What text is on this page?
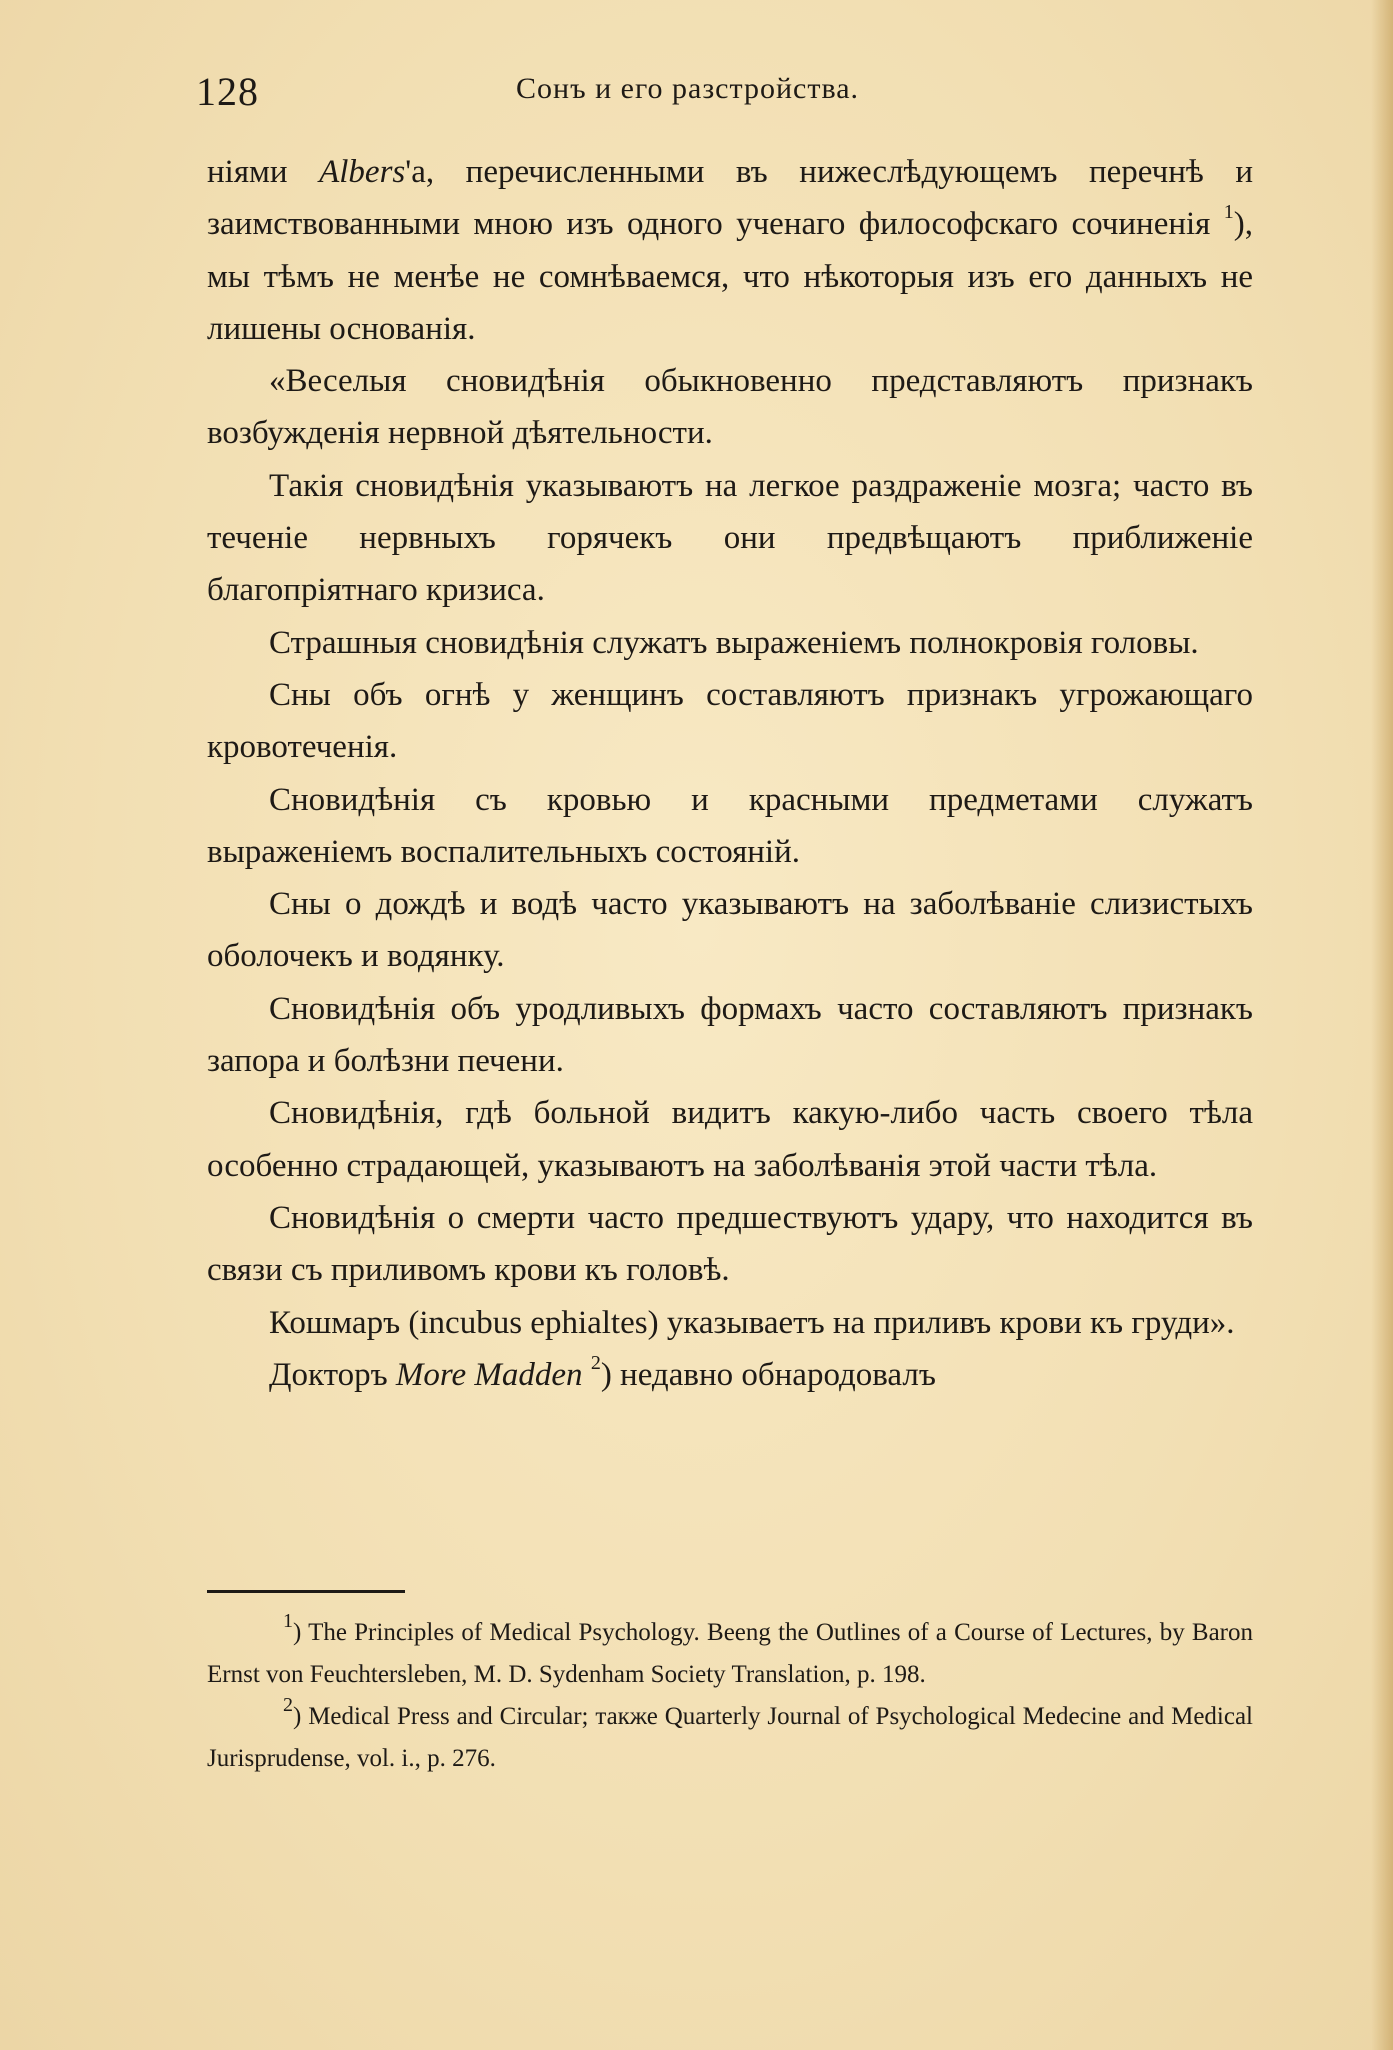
128	Сонъ и его разстройства.

ніями Albers'а, перечисленными въ нижеслѣдующемъ перечнѣ и заимствованными мною изъ одного ученаго философскаго сочиненія $^1$), мы тѣмъ не менѣе не сомнѣваемся, что нѣкоторыя изъ его данныхъ не лишены основанія.

«Веселыя сновидѣнія обыкновенно представляютъ признакъ возбужденія нервной дѣятельности.

Такія сновидѣнія указываютъ на легкое раздраженіе мозга; часто въ теченіе нервныхъ горячекъ они предвѣщаютъ приближеніе благопріятнаго кризиса.

Страшныя сновидѣнія служатъ выраженіемъ полнокровія головы.

Сны объ огнѣ у женщинъ составляютъ признакъ угрожающаго кровотеченія.

Сновидѣнія съ кровью и красными предметами служатъ выраженіемъ воспалительныхъ состояній.

Сны о дождѣ и водѣ часто указываютъ на заболѣваніе слизистыхъ оболочекъ и водянку.

Сновидѣнія объ уродливыхъ формахъ часто составляютъ признакъ запора и болѣзни печени.

Сновидѣнія, гдѣ больной видитъ какую-либо часть своего тѣла особенно страдающей, указываютъ на заболѣванія этой части тѣла.

Сновидѣнія о смерти часто предшествуютъ удару, что находится въ связи съ приливомъ крови къ головѣ.

Кошмаръ (incubus ephialtes) указываетъ на приливъ крови къ груди».

Докторъ More Madden $^2$) недавно обнародовалъ

$^1$) The Principles of Medical Psychology. Beeng the Outlines of a Course of Lectures, by Baron Ernst von Feuchtersleben, M. D. Sydenham Society Translation, p. 198.

$^2$) Medical Press and Circular; также Quarterly Journal of Psychological Medecine and Medical Jurisprudense, vol. i., p. 276.
